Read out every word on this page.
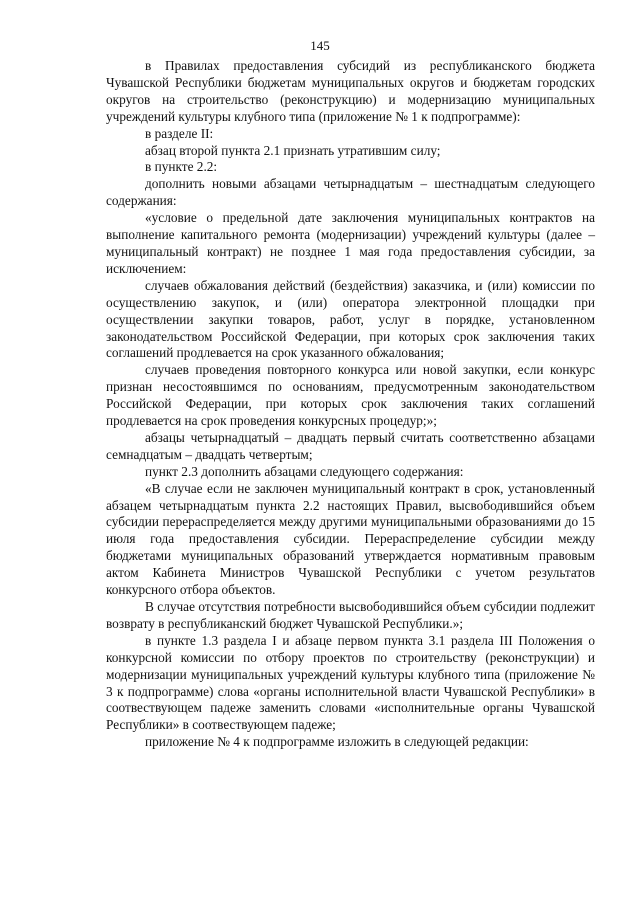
145

в Правилах предоставления субсидий из республиканского бюджета Чувашской Республики бюджетам муниципальных округов и бюджетам городских округов на строительство (реконструкцию) и модернизацию муниципальных учреждений культуры клубного типа (приложение № 1 к подпрограмме):

в разделе II:

абзац второй пункта 2.1 признать утратившим силу;

в пункте 2.2:

дополнить новыми абзацами четырнадцатым – шестнадцатым следующего содержания:

«условие о предельной дате заключения муниципальных контрактов на выполнение капитального ремонта (модернизации) учреждений культуры (далее – муниципальный контракт) не позднее 1 мая года предоставления субсидии, за исключением:

случаев обжалования действий (бездействия) заказчика, и (или) комиссии по осуществлению закупок, и (или) оператора электронной площадки при осуществлении закупки товаров, работ, услуг в порядке, установленном законодательством Российской Федерации, при которых срок заключения таких соглашений продлевается на срок указанного обжалования;

случаев проведения повторного конкурса или новой закупки, если конкурс признан несостоявшимся по основаниям, предусмотренным законодательством Российской Федерации, при которых срок заключения таких соглашений продлевается на срок проведения конкурсных процедур;»;

абзацы четырнадцатый – двадцать первый считать соответственно абзацами семнадцатым – двадцать четвертым;

пункт 2.3 дополнить абзацами следующего содержания:

«В случае если не заключен муниципальный контракт в срок, установленный абзацем четырнадцатым пункта 2.2 настоящих Правил, высвободившийся объем субсидии перераспределяется между другими муниципальными образованиями до 15 июля года предоставления субсидии. Перераспределение субсидии между бюджетами муниципальных образований утверждается нормативным правовым актом Кабинета Министров Чувашской Республики с учетом результатов конкурсного отбора объектов.

В случае отсутствия потребности высвободившийся объем субсидии подлежит возврату в республиканский бюджет Чувашской Республики.»;

в пункте 1.3 раздела I и абзаце первом пункта 3.1 раздела III Положения о конкурсной комиссии по отбору проектов по строительству (реконструкции) и модернизации муниципальных учреждений культуры клубного типа (приложение № 3 к подпрограмме) слова «органы исполнительной власти Чувашской Республики» в соотвествующем падеже заменить словами «исполнительные органы Чувашской Республики» в соотвествующем падеже;

приложение № 4 к подпрограмме изложить в следующей редакции:
